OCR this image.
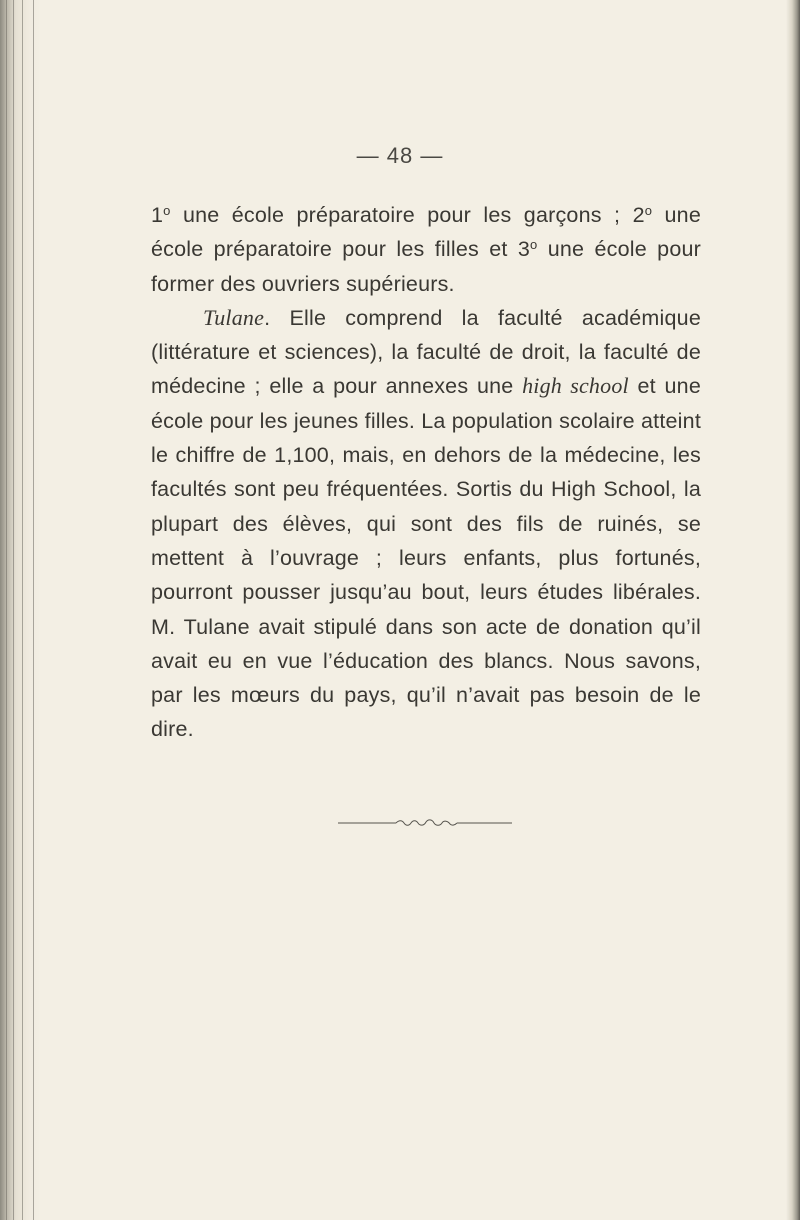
— 48 —

1$^o$ une école préparatoire pour les garçons ; 2$^o$ une école préparatoire pour les filles et 3$^o$ une école pour former des ouvriers supérieurs.

Tulane. Elle comprend la faculté académique (littérature et sciences), la faculté de droit, la faculté de médecine ; elle a pour annexes une high school et une école pour les jeunes filles. La population scolaire atteint le chiffre de 1,100, mais, en dehors de la médecine, les facultés sont peu fréquentées. Sortis du High School, la plupart des élèves, qui sont des fils de ruinés, se mettent à l’ouvrage ; leurs enfants, plus fortunés, pourront pousser jusqu’au bout, leurs études libérales. M. Tulane avait stipulé dans son acte de donation qu’il avait eu en vue l’éducation des blancs. Nous savons, par les mœurs du pays, qu’il n’avait pas besoin de le dire.
